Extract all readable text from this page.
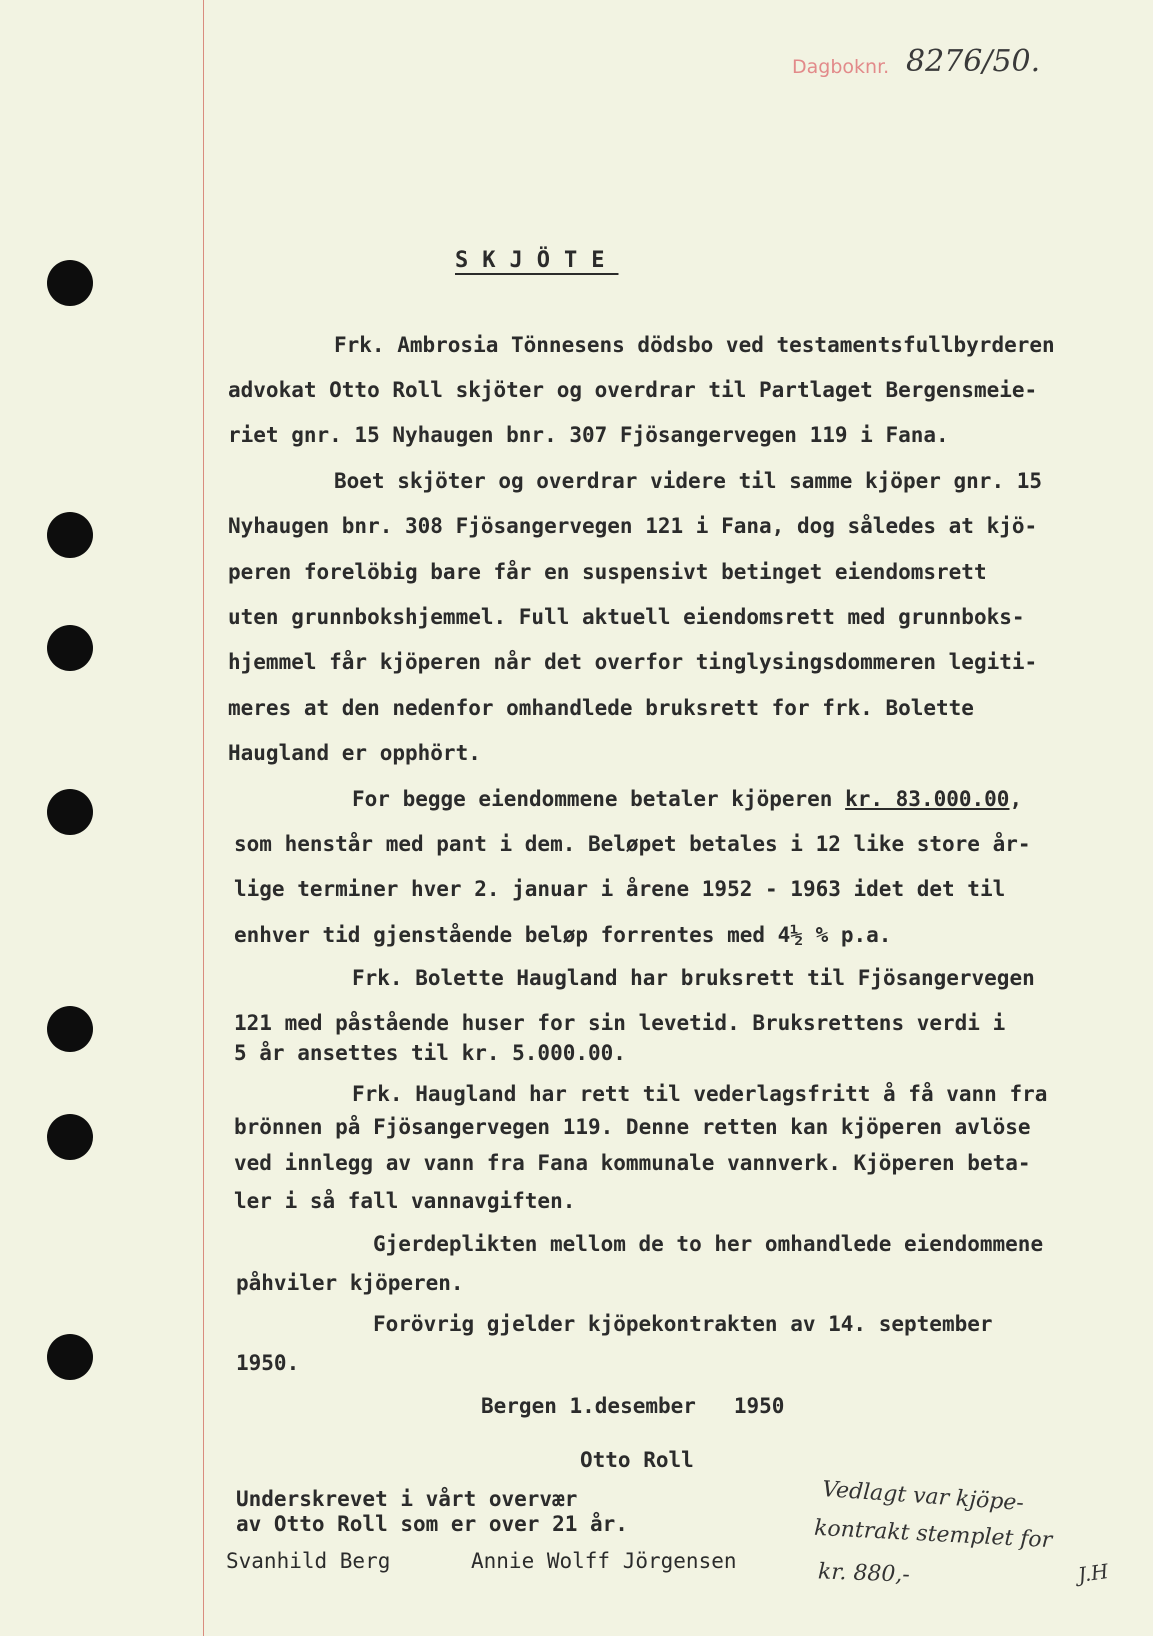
Dagboknr. 8276/50.
SKJÖTE
Frk. Ambrosia Tönnesens dödsbo ved testamentsfullbyrderen
advokat Otto Roll skjöter og overdrar til Partlaget Bergensmeie-
riet gnr. 15 Nyhaugen bnr. 307 Fjösangervegen 119 i Fana.
Boet skjöter og overdrar videre til samme kjöper gnr. 15
Nyhaugen bnr. 308 Fjösangervegen 121 i Fana, dog således at kjö-
peren forelöbig bare får en suspensivt betinget eiendomsrett
uten grunnbokshjemmel. Full aktuell eiendomsrett med grunnboks-
hjemmel får kjöperen når det overfor tinglysingsdommeren legiti-
meres at den nedenfor omhandlede bruksrett for frk. Bolette
Haugland er opphört.
For begge eiendommene betaler kjöperen kr. 83.000.00,
som henstår med pant i dem. Beløpet betales i 12 like store år-
lige terminer hver 2. januar i årene 1952 - 1963 idet det til
enhver tid gjenstående beløp forrentes med 4½ % p.a.
Frk. Bolette Haugland har bruksrett til Fjösangervegen
121 med påstående huser for sin levetid. Bruksrettens verdi i
5 år ansettes til kr. 5.000.00.
Frk. Haugland har rett til vederlagsfritt å få vann fra
brönnen på Fjösangervegen 119. Denne retten kan kjöperen avlöse
ved innlegg av vann fra Fana kommunale vannverk. Kjöperen beta-
ler i så fall vannavgiften.
Gjerdeplikten mellom de to her omhandlede eiendommene
påhviler kjöperen.
Forövrig gjelder kjöpekontrakten av 14. september
1950.
Bergen 1.desember   1950
Otto Roll
Underskrevet i vårt overvær
av Otto Roll som er over 21 år.
Svanhild Berg	Annie Wolff Jörgensen
Vedlagt var kjöpe-
kontrakt stemplet for
kr. 880,-	J.H
